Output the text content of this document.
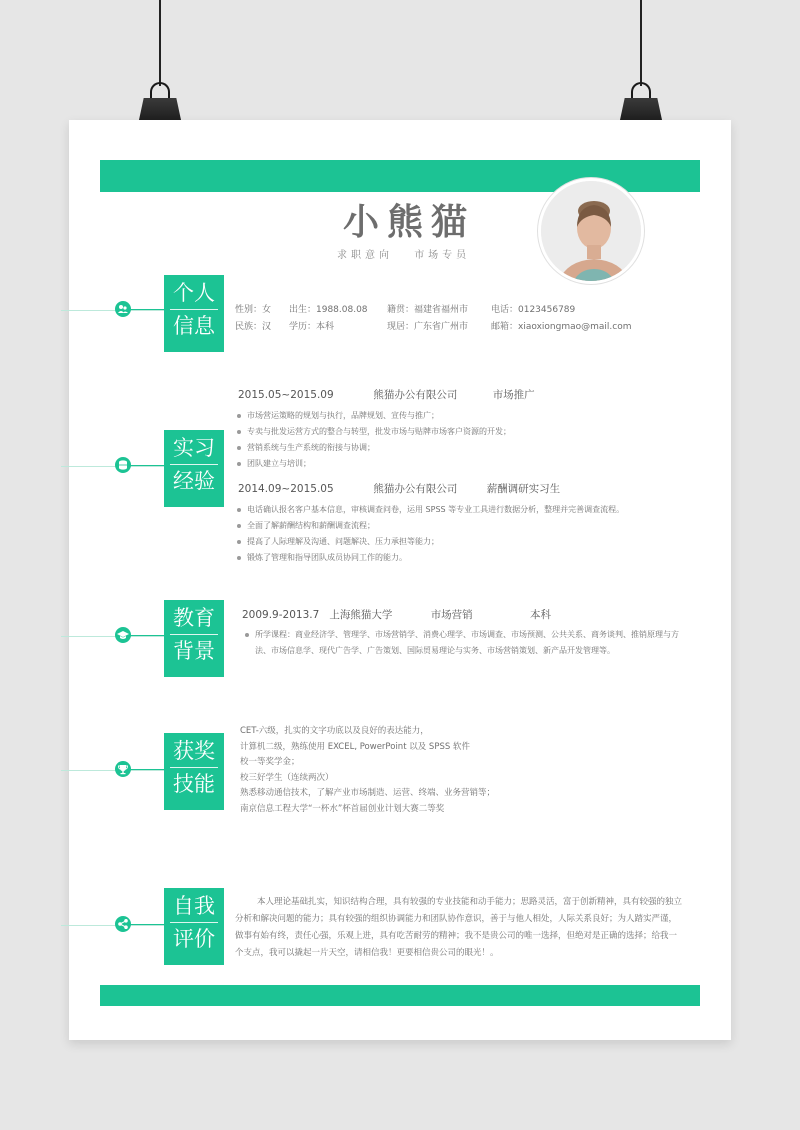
小熊猫
求职意向 市场专员
个人
信息
性别：女 出生：1988.08.08 籍贯：福建省福州市	电话：0123456789
民族：汉 学历：本科	现居：广东省广州市	邮箱：xiaoxiongmao@mail.com
实习
经验
2015.05~2015.09	熊猫办公有限公司	市场推广
市场营运策略的规划与执行，品牌规划、宣传与推广；
专卖与批发运营方式的整合与转型，批发市场与贴牌市场客户资源的开发；
营销系统与生产系统的衔接与协调；
团队建立与培训；
2014.09~2015.05	熊猫办公有限公司	薪酬调研实习生
电话确认报名客户基本信息，审核调查问卷，运用 SPSS 等专业工具进行数据分析，整理并完善调查流程。
全面了解薪酬结构和薪酬调查流程；
提高了人际理解及沟通、问题解决、压力承担等能力；
锻炼了管理和指导团队成员协同工作的能力。
教育
背景
2009.9-2013.7 上海熊猫大学	市场营销	本科
所学课程：商业经济学、管理学、市场营销学、消费心理学、市场调查、市场预测、公共关系、商务谈判、推销原理与方法、市场信息学、现代广告学、广告策划、国际贸易理论与实务、市场营销策划、新产品开发管理等。
获奖
技能
CET-六级，扎实的文字功底以及良好的表达能力，
计算机二级，熟练使用 EXCEL, PowerPoint 以及 SPSS 软件
校一等奖学金；
校三好学生（连续两次）
熟悉移动通信技术，了解产业市场制造、运营、终端、业务营销等；
南京信息工程大学“一杯水”杯首届创业计划大赛二等奖
自我
评价
本人理论基础扎实，知识结构合理，具有较强的专业技能和动手能力；思路灵活，富于创新精神，具有较强的独立分析和解决问题的能力；具有较强的组织协调能力和团队协作意识，善于与他人相处，人际关系良好；为人踏实严谨，做事有始有终，责任心强，乐观上进，具有吃苦耐劳的精神；我不是贵公司的唯一选择，但绝对是正确的选择；给我一个支点，我可以撬起一片天空，请相信我！更要相信贵公司的眼光！。
